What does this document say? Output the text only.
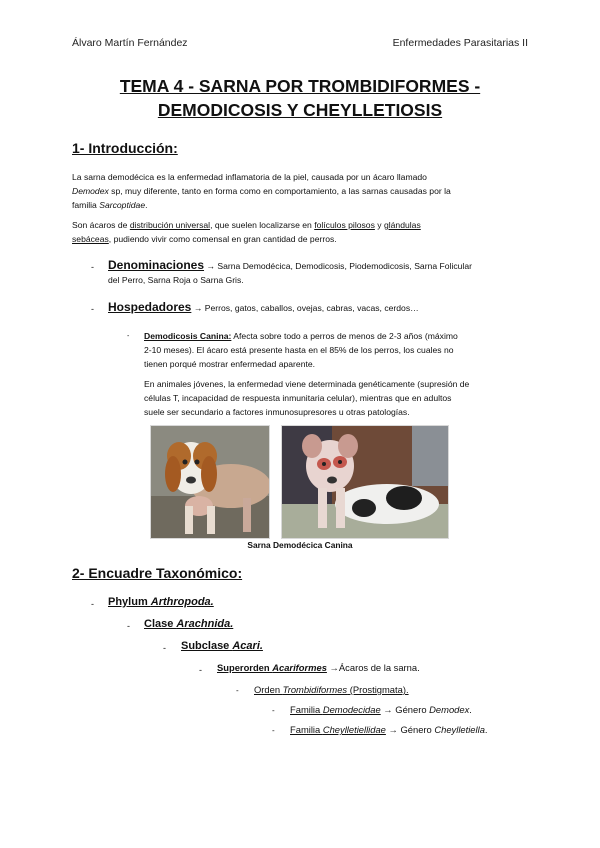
Álvaro Martín Fernández	Enfermedades Parasitarias II
TEMA 4 - SARNA POR TROMBIDIFORMES -
DEMODICOSIS Y CHEYLLETIOSIS
1- Introducción:
La sarna demodécica es la enfermedad inflamatoria de la piel, causada por un ácaro llamado
Demodex sp, muy diferente, tanto en forma como en comportamiento, a las sarnas causadas por la
familia Sarcoptidae.
Son ácaros de distribución universal, que suelen localizarse en folículos pilosos y glándulas
sebáceas, pudiendo vivir como comensal en gran cantidad de perros.
- Denominaciones → Sarna Demodécica, Demodicosis, Piodemodicosis, Sarna Folicular
del Perro, Sarna Roja o Sarna Gris.
- Hospedadores → Perros, gatos, caballos, ovejas, cabras, vacas, cerdos…
- Demodicosis Canina: Afecta sobre todo a perros de menos de 2-3 años (máximo
2-10 meses). El ácaro está presente hasta en el 85% de los perros, los cuales no
tienen porqué mostrar enfermedad aparente.
En animales jóvenes, la enfermedad viene determinada genéticamente (supresión de
células T, incapacidad de respuesta inmunitaria celular), mientras que en adultos
suele ser secundario a factores inmunosupresores u otras patologías.
Sarna Demodécica Canina
2- Encuadre Taxonómico:
- Phylum Arthropoda.
- Clase Arachnida.
- Subclase Acari.
- Superorden Acariformes →Ácaros de la sarna.
- Orden Trombidiformes (Prostigmata).
- Familia Demodecidae → Género Demodex.
- Familia Cheylletiellidae → Género Cheylletiella.
